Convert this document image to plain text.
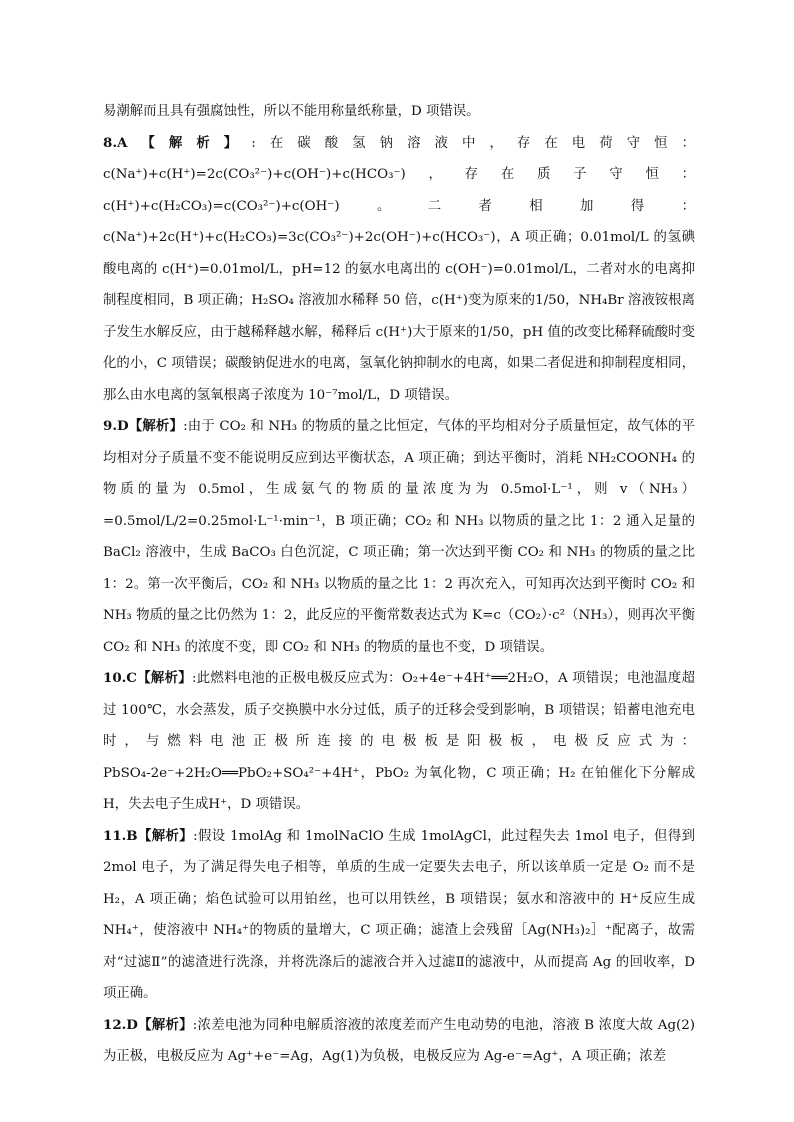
易潮解而且具有强腐蚀性，所以不能用称量纸称量，D 项错误。

8.A【解析】:在碳酸氢钠溶液中，存在电荷守恒：c(Na⁺)+c(H⁺)=2c(CO₃²⁻)+c(OH⁻)+c(HCO₃⁻)，存在质子守恒：c(H⁺)+c(H₂CO₃)=c(CO₃²⁻)+c(OH⁻)。二者相加得：c(Na⁺)+2c(H⁺)+c(H₂CO₃)=3c(CO₃²⁻)+2c(OH⁻)+c(HCO₃⁻)，A 项正确；0.01mol/L 的氢碘酸电离的 c(H⁺)=0.01mol/L，pH=12 的氨水电离出的 c(OH⁻)=0.01mol/L，二者对水的电离抑制程度相同，B 项正确；H₂SO₄ 溶液加水稀释 50 倍，c(H⁺)变为原来的1/50，NH₄Br 溶液铵根离子发生水解反应，由于越稀释越水解，稀释后 c(H⁺)大于原来的1/50，pH 值的改变比稀释硫酸时变化的小，C 项错误；碳酸钠促进水的电离，氢氧化钠抑制水的电离，如果二者促进和抑制程度相同，那么由水电离的氢氧根离子浓度为 10⁻⁷mol/L，D 项错误。

9.D【解析】:由于 CO₂ 和 NH₃ 的物质的量之比恒定，气体的平均相对分子质量恒定，故气体的平均相对分子质量不变不能说明反应到达平衡状态，A 项正确；到达平衡时，消耗 NH₂COONH₄ 的物质的量为 0.5mol，生成氨气的物质的量浓度为为 0.5mol·L⁻¹，则 v（NH₃）=0.5mol/L/2=0.25mol·L⁻¹·min⁻¹，B 项正确；CO₂ 和 NH₃ 以物质的量之比 1：2 通入足量的 BaCl₂ 溶液中，生成 BaCO₃ 白色沉淀，C 项正确；第一次达到平衡 CO₂ 和 NH₃ 的物质的量之比 1：2。第一次平衡后，CO₂ 和 NH₃ 以物质的量之比 1：2 再次充入，可知再次达到平衡时 CO₂ 和 NH₃ 物质的量之比仍然为 1：2，此反应的平衡常数表达式为 K=c（CO₂）·c²（NH₃），则再次平衡 CO₂ 和 NH₃ 的浓度不变，即 CO₂ 和 NH₃ 的物质的量也不变，D 项错误。

10.C【解析】:此燃料电池的正极电极反应式为：O₂+4e⁻+4H⁺══2H₂O，A 项错误；电池温度超过 100℃，水会蒸发，质子交换膜中水分过低，质子的迁移会受到影响，B 项错误；铅蓄电池充电时，与燃料电池正极所连接的电极板是阳极板，电极反应式为：PbSO₄-2e⁻+2H₂O══PbO₂+SO₄²⁻+4H⁺，PbO₂ 为氧化物，C 项正确；H₂ 在铂催化下分解成H，失去电子生成H⁺，D 项错误。

11.B【解析】:假设 1molAg 和 1molNaClO 生成 1molAgCl，此过程失去 1mol 电子，但得到 2mol 电子，为了满足得失电子相等，单质的生成一定要失去电子，所以该单质一定是 O₂ 而不是 H₂，A 项正确；焰色试验可以用铂丝，也可以用铁丝，B 项错误；氨水和溶液中的 H⁺反应生成 NH₄⁺，使溶液中 NH₄⁺的物质的量增大，C 项正确；滤渣上会残留［Ag(NH₃)₂］⁺配离子，故需对“过滤Ⅱ”的滤渣进行洗涤，并将洗涤后的滤液合并入过滤Ⅱ的滤液中，从而提高 Ag 的回收率，D 项正确。

12.D【解析】:浓差电池为同种电解质溶液的浓度差而产生电动势的电池，溶液 B 浓度大故 Ag(2)为正极，电极反应为 Ag⁺+e⁻=Ag，Ag(1)为负极，电极反应为 Ag-e⁻=Ag⁺，A 项正确；浓差
